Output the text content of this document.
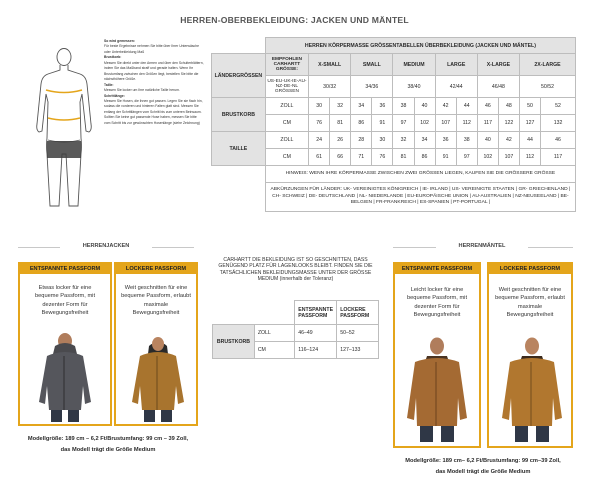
HERREN-OBERBEKLEIDUNG: JACKEN UND MÄNTEL
So wird gemessen:
Für beste Ergebnisse nehmen Sie bitte über Ihrer Unterwäsche oder Unterbekleidung Maß
Brustkorb:
Messen Sie direkt unter den Armen und über den Schulterblättern, indem Sie das Maßband straff und gerade halten. Wenn Ihr Brustumfang zwischen den Größen liegt, bestellen Sie bitte die nächsthöhere Größe.
Taille:
Messen Sie locker um Ihre natürliche Taille herum.
Schrittlänge:
Messen Sie Hosen, die ihnen gut passen. Legen Sie sie flach hin, sodass die vorderen und hinteren Falten glatt sind. Messen Sie entlang der Schrittlängen vom Schritt bis zum unteren Beinsaum. Sollten Sie keine gut passende Hose haben, messen Sie bitte vom Schritt bis zur gewünschten Hosenlänge (siehe Zeichnung)
	HERREN KÖRPERMASSE GRÖSSENTABELLEN ÜBERBEKLEIDUNG (JACKEN UND MÄNTEL)												
LÄNDERGRÖSSEN	EMPFOHLEN CARHARTT GRÖSSE:	X-SMALL		SMALL		MEDIUM		LARGE		X-LARGE		2X-LARGE	
	US-EU-UK-IE-AU-NZ-DE-NL GRÖSSEN	30/32		34/36		38/40		42/44		46/48		50/52	
BRUSTKORB	ZOLL	30	32	34	36	38	40	42	44	46	48	50	52
	CM	76	81	86	91	97	102	107	112	117	122	127	132
TAILLE	ZOLL	24	26	28	30	32	34	36	38	40	42	44	46
	CM	61	66	71	76	81	86	91	97	102	107	112	117
	HINWEIS: WENN IHRE KÖRPERMASSE ZWISCHEN ZWEI GRÖSSEN LIEGEN, KAUFEN SIE DIE GRÖSSERE GRÖSSE												
	ABKÜRZUNGEN FÜR LÄNDER: UK- VEREINIGTES KÖNIGREICH | IE- IRLAND | US- VEREINIGTE STAATEN | GR- GRIECHENLAND | CH- SCHWEIZ | DE- DEUTSCHLAND | NL- NIEDERLANDE | EU-EUROPÄISCHE UNION | AU-AUSTRALIEN | NZ-NEUSEELAND | BE-BELGIEN | FR-FRANKREICH | ES-SPANIEN | PT-PORTUGAL |												
HERRENJACKEN	HERRENMÄNTEL
ENTSPANNTE PASSFORM
Etwas locker für eine
bequeme Passform, mit
dezenter Form für
Bewegungsfreiheit
LOCKERE PASSFORM
Weit geschnitten für eine
bequeme Passform, erlaubt
maximale
Bewegungsfreiheit
Modellgröße: 189 cm – 6,2 Ft/Brustumfang: 99 cm – 39 Zoll,
das Modell trägt die Größe Medium
CARHARTT DIE BEKLEIDUNG IST SO GESCHNITTEN, DASS GENÜGEND PLATZ FÜR LAGENLOOKS BLEIBT. FINDEN SIE DIE TATSÄCHLICHEN BEKLEIDUNGSMASSE UNTER DER GRÖSSE MEDIUM (innerhalb der Toleranz)
		ENTSPANNTE PASSFORM	LOCKERE PASSFORM
BRUSTKORB	ZOLL	46–49	50–52
	CM	116–124	127–133
ENTSPANNTE PASSFORM
Leicht locker für eine
bequeme Passform, mit
dezenter Form für
Bewegungsfreiheit
LOCKERE PASSFORM
Weit geschnitten für eine
bequeme Passform, erlaubt
maximale
Bewegungsfreiheit
Modellgröße: 189 cm– 6,2 Ft/Brustumfang: 99 cm–39 Zoll,
das Modell trägt die Größe Medium
